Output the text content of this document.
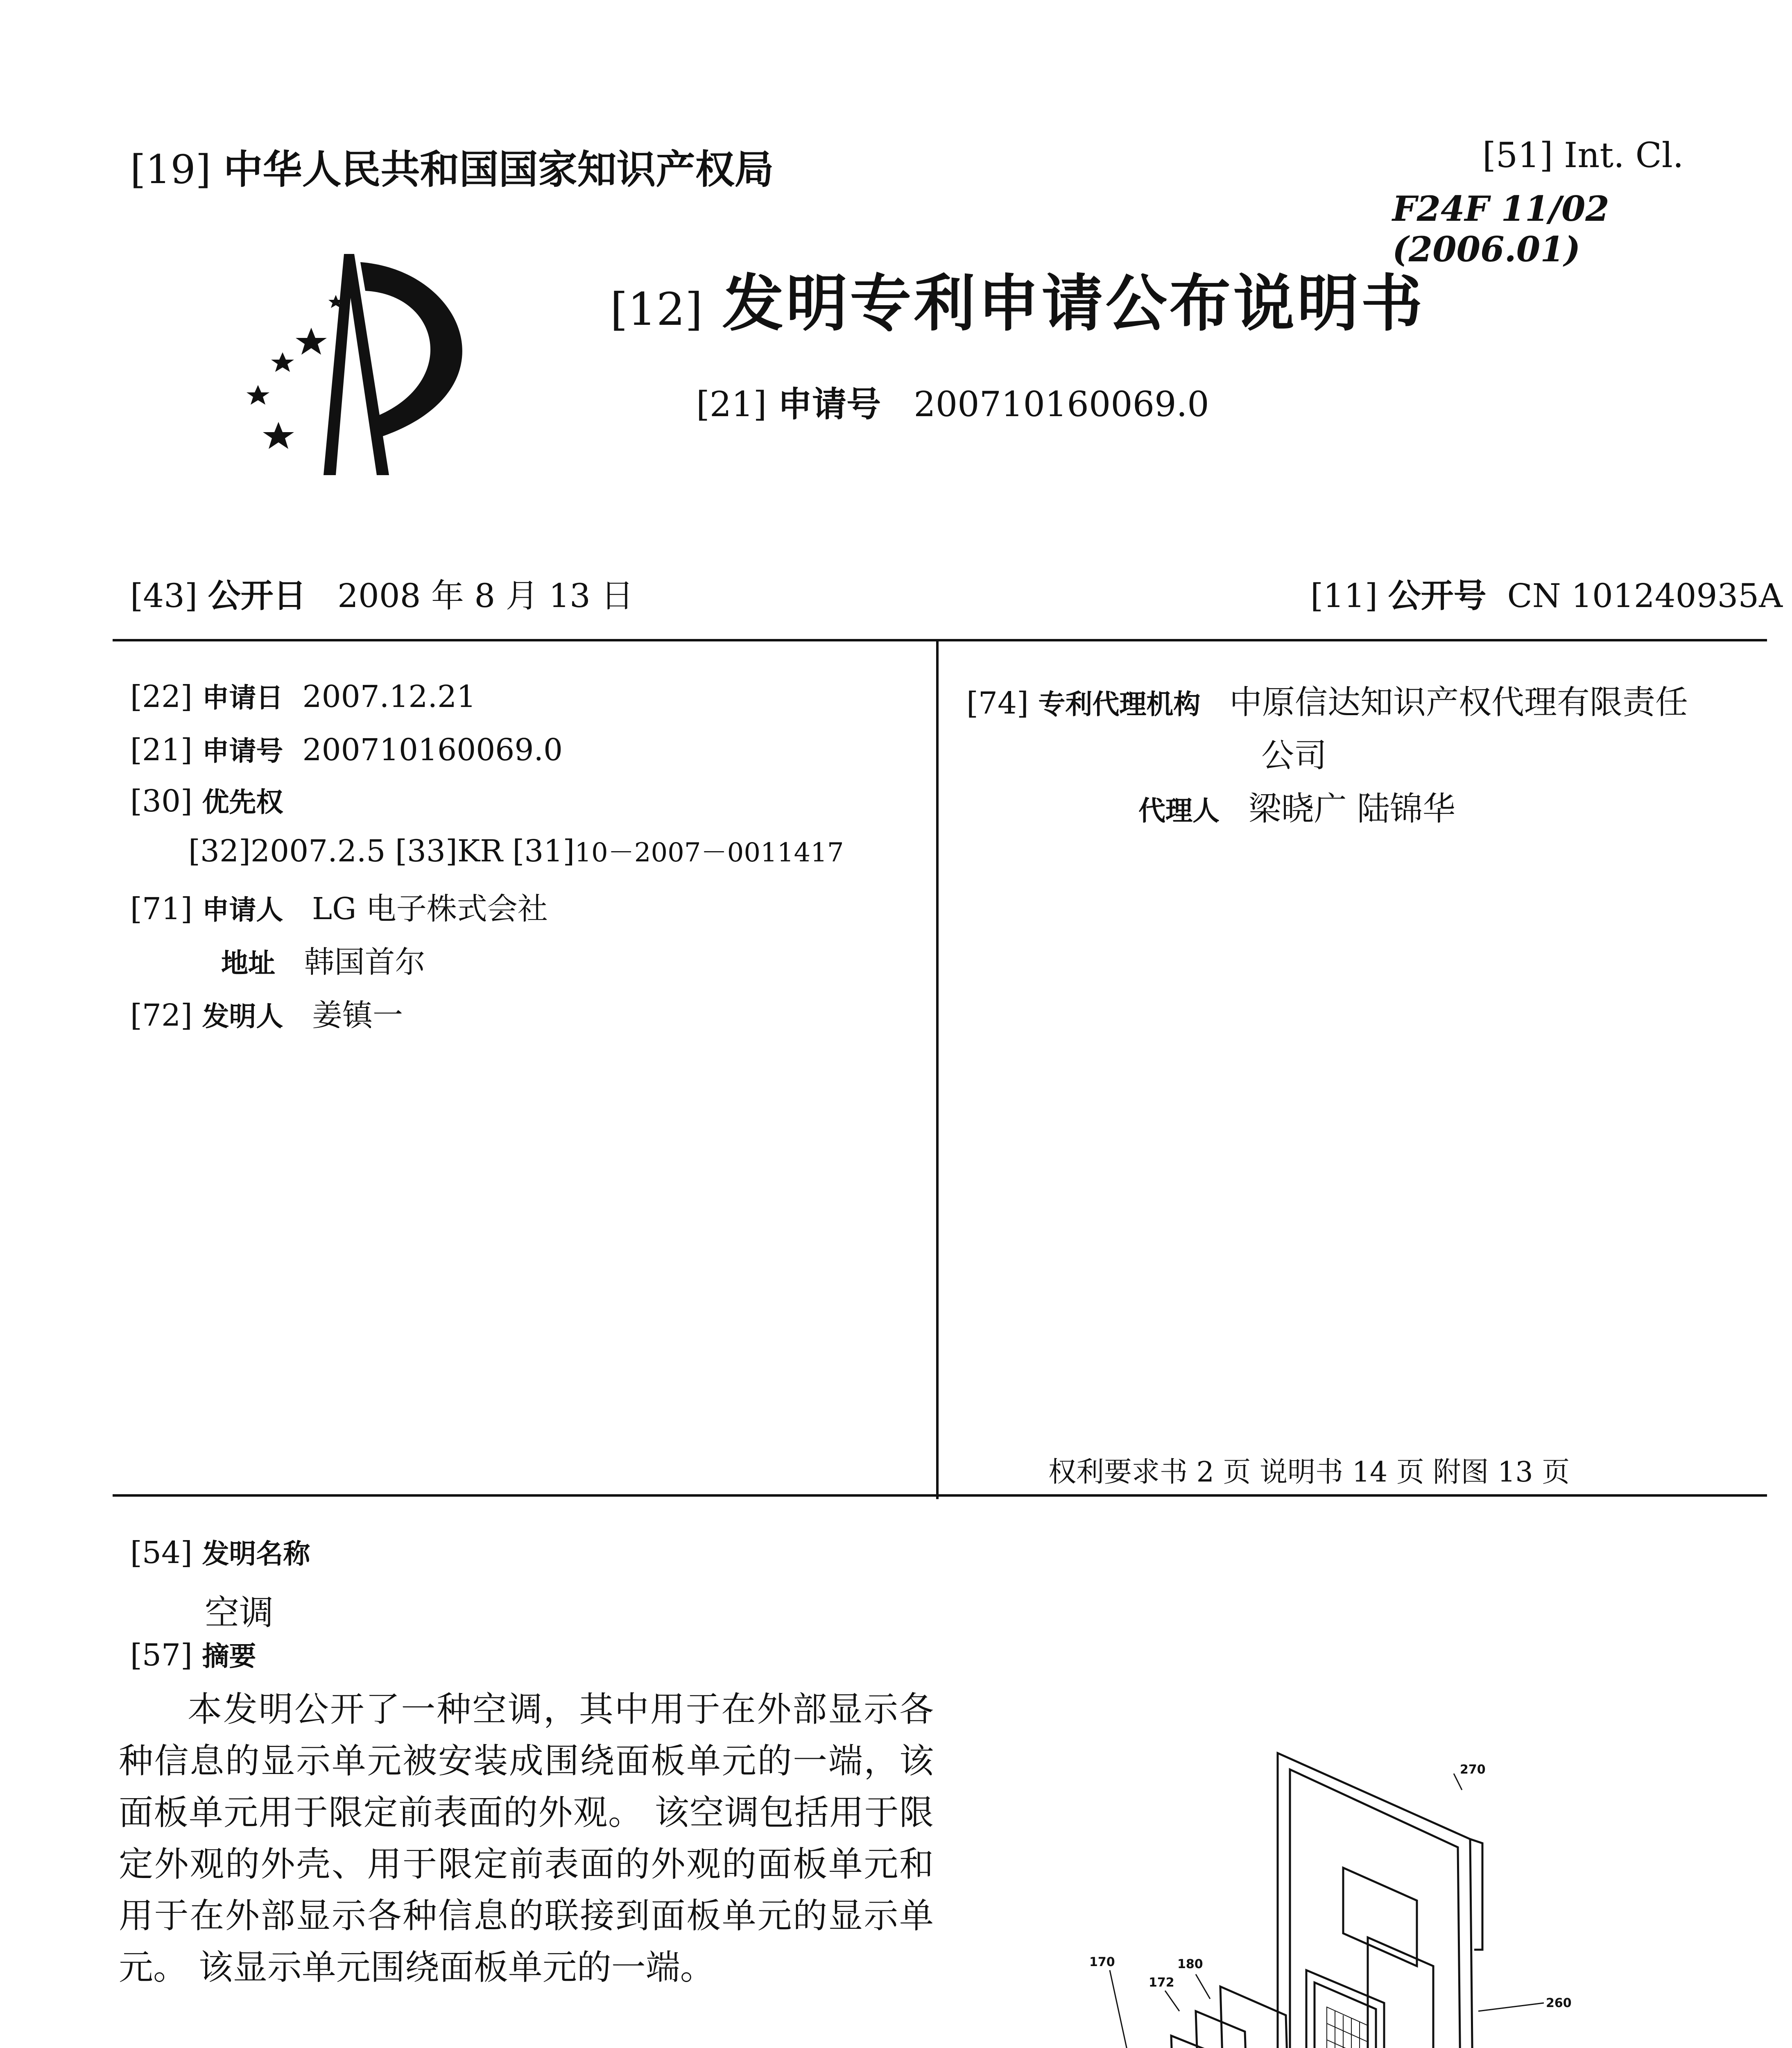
[19] 中华人民共和国国家知识产权局	[51] Int. Cl.
F24F 11/02 (2006.01)
[12] 发明专利申请公布说明书
[21] 申请号 200710160069.0
[43] 公开日 2008 年 8 月 13 日	[11] 公开号 CN 101240935A
[22] 申请日 2007.12.21
[21] 申请号 200710160069.0
[30] 优先权
[32]2007.2.5 [33]KR [31]10－2007－0011417
[71] 申请人 LG 电子株式会社
地址 韩国首尔
[72] 发明人 姜镇一
[74] 专利代理机构 中原信达知识产权代理有限责任
公司
代理人 梁晓广 陆锦华
权利要求书 2 页 说明书 14 页 附图 13 页
[54] 发明名称
空调
[57] 摘要
本发明公开了一种空调，其中用于在外部显示各种信息的显示单元被安装成围绕面板单元的一端，该面板单元用于限定前表面的外观。 该空调包括用于限定外观的外壳、用于限定前表面的外观的面板单元和用于在外部显示各种信息的联接到面板单元的显示单元。 该显示单元围绕面板单元的一端。
270
260
180
172
170
